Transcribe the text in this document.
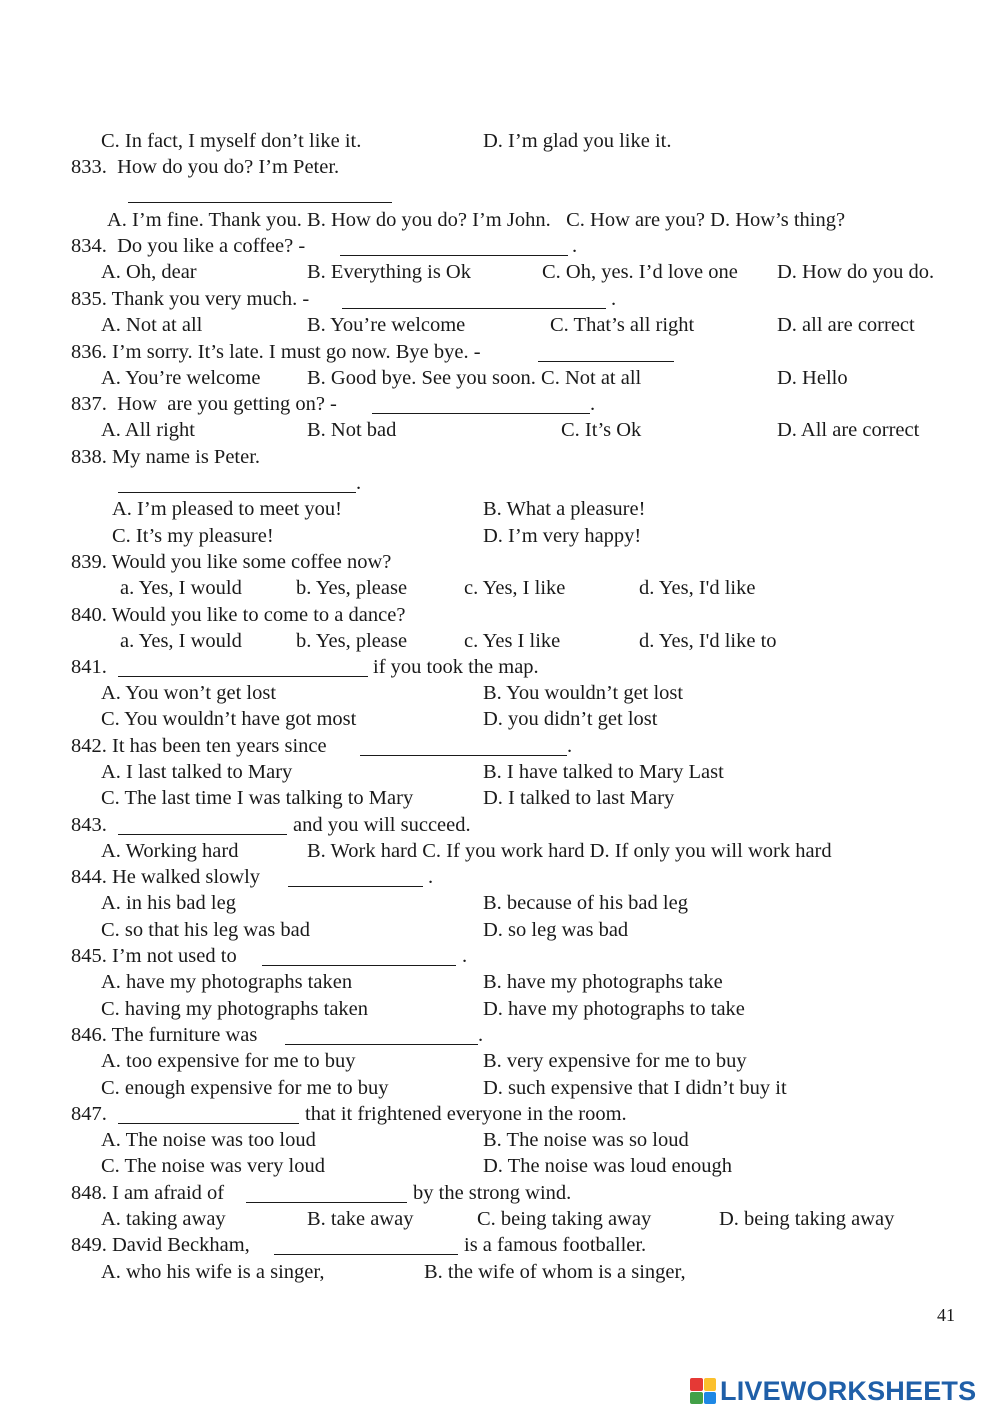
C. In fact, I myself don’t like it.	D. I’m glad you like it.
833.  How do you do? I’m Peter.
A. I’m fine. Thank you. B. How do you do? I’m John.   C. How are you? D. How’s thing?
834.  Do you like a coffee? -	.
A. Oh, dear	B. Everything is Ok	C. Oh, yes. I’d love one D. How do you do.
835. Thank you very much. -	.
A. Not at all	B. You’re welcome	C. That’s all right	D. all are correct
836. I’m sorry. It’s late. I must go now. Bye bye. -
A. You’re welcome B. Good bye. See you soon. C. Not at all	D. Hello
837.  How  are you getting on? -	.
A. All right	B. Not bad	C. It’s Ok	D. All are correct
838. My name is Peter.
.
A. I’m pleased to meet you!	B. What a pleasure!
C. It’s my pleasure!	D. I’m very happy!
839. Would you like some coffee now?
a. Yes, I would	b. Yes, please	c. Yes, I like	d. Yes, I'd like
840. Would you like to come to a dance?
a. Yes, I would	b. Yes, please	c. Yes I like	d. Yes, I'd like to
841.	if you took the map.
A. You won’t get lost	B. You wouldn’t get lost
C. You wouldn’t have got most	D. you didn’t get lost
842. It has been ten years since	.
A. I last talked to Mary	B. I have talked to Mary Last
C. The last time I was talking to Mary	D. I talked to last Mary
843.	and you will succeed.
A. Working hard	B. Work hard C. If you work hard D. If only you will work hard
844. He walked slowly	.
A. in his bad leg	B. because of his bad leg
C. so that his leg was bad	D. so leg was bad
845. I’m not used to	.
A. have my photographs taken	B. have my photographs take
C. having my photographs taken	D. have my photographs to take
846. The furniture was	.
A. too expensive for me to buy	B. very expensive for me to buy
C. enough expensive for me to buy	D. such expensive that I didn’t buy it
847.	that it frightened everyone in the room.
A. The noise was too loud	B. The noise was so loud
C. The noise was very loud	D. The noise was loud enough
848. I am afraid of	by the strong wind.
A. taking away	B. take away	C. being taking away	D. being taking away
849. David Beckham,	is a famous footballer.
A. who his wife is a singer,	B. the wife of whom is a singer,
41
LIVEWORKSHEETS
